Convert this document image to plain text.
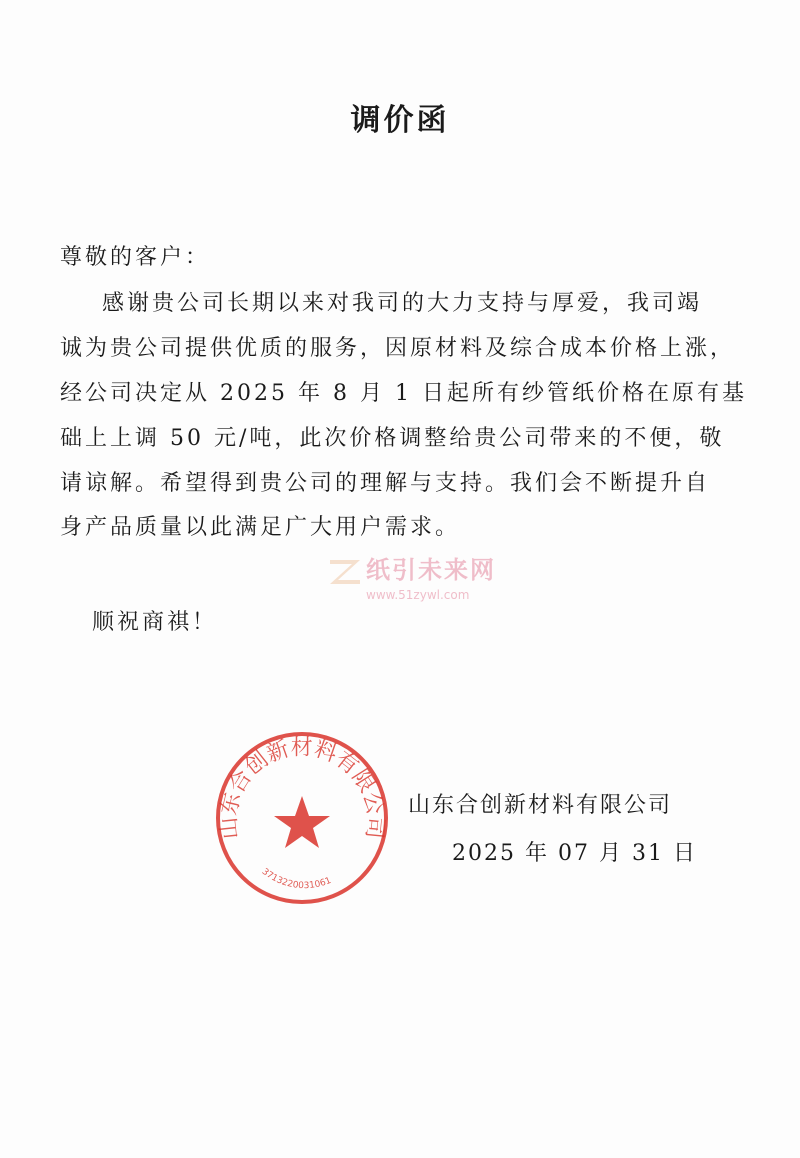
调价函
尊敬的客户：
感谢贵公司长期以来对我司的大力支持与厚爱，我司竭
诚为贵公司提供优质的服务，因原材料及综合成本价格上涨，
经公司决定从 2025 年 8 月 1 日起所有纱管纸价格在原有基
础上上调 50 元/吨，此次价格调整给贵公司带来的不便，敬
请谅解。希望得到贵公司的理解与支持。我们会不断提升自
身产品质量以此满足广大用户需求。
纸引未来网
www.51zywl.com
顺祝商祺！
山东合创新材料有限公司
3713220031061
山东合创新材料有限公司
2025 年 07 月 31 日
